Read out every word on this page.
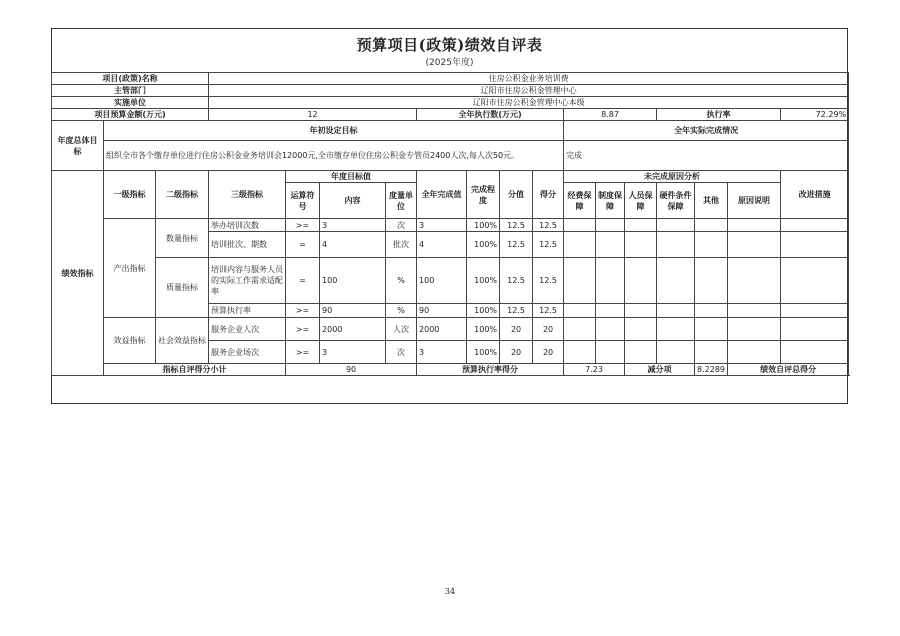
预算项目(政策)绩效自评表
(2025年度)
项目(政策)名称			住房公积金业务培训费															
主管部门			辽阳市住房公积金管理中心															
实施单位			辽阳市住房公积金管理中心本级															
项目预算金额(万元)			12				全年执行数(万元)				8.87			执行率			72.29%	
年度总体目标	年初设定目标										全年实际完成情况							
	组织全市各个缴存单位进行住房公积金业务培训会12000元,全市缴存单位住房公积金专管员2400人次,每人次50元。										完成							
绩效指标	一级指标	二级指标	三级指标	年度目标值			全年完成值	完成程度	分值	得分	未完成原因分析						改进措施	
				运算符号	内容	度量单位					经费保障	制度保障	人员保障	硬件条件保障	其他	原因说明		
	产出指标	数量指标	举办培训次数	>=	3	次	3	100%	12.5	12.5								
			培训批次、期数	=	4	批次	4	100%	12.5	12.5								
		质量指标	培训内容与服务人员的实际工作需求适配率	=	100	%	100	100%	12.5	12.5								
			预算执行率	>=	90	%	90	100%	12.5	12.5								
	效益指标	社会效益指标	服务企业人次	>=	2000	人次	2000	100%	20	20								
			服务企业场次	>=	3	次	3	100%	20	20								
	指标自评得分小计			90			预算执行率得分				7.23		减分项		8.2289	绩效自评总得分	
34
